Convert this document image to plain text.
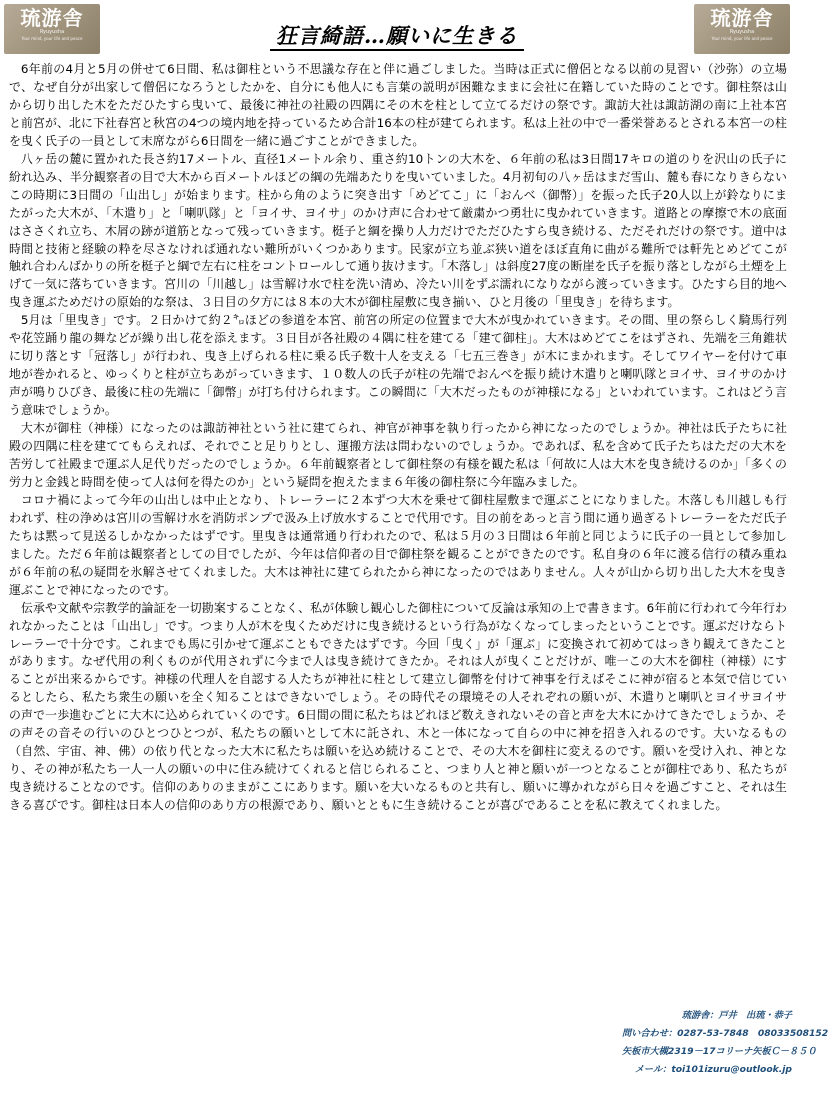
琉游舎
Ryuyusha
Your mind, your life and peace	狂言綺語…願いに生きる
琉游舎
Ryuyusha
Your mind, your life and peace

6年前の4月と5月の併せて6日間、私は御柱という不思議な存在と伴に過ごしました。当時は正式に僧侶となる以前の見習い（沙弥）の立場で、なぜ自分が出家して僧侶になろうとしたかを、自分にも他人にも言葉の説明が困難なままに会社に在籍していた時のことです。御柱祭は山から切り出した木をただひたすら曳いて、最後に神社の社殿の四隅にその木を柱として立てるだけの祭です。諏訪大社は諏訪湖の南に上社本宮と前宮が、北に下社春宮と秋宮の4つの境内地を持っているため合計16本の柱が建てられます。私は上社の中で一番栄誉あるとされる本宮一の柱を曳く氏子の一員として末席ながら6日間を一緒に過ごすことができました。

八ヶ岳の麓に置かれた長さ約17メートル、直径1メートル余り、重さ約10トンの大木を、６年前の私は3日間17キロの道のりを沢山の氏子に紛れ込み、半分観察者の目で大木から百メートルほどの綱の先端あたりを曳いていました。4月初旬の八ヶ岳はまだ雪山、麓も春になりきらないこの時期に3日間の「山出し」が始まります。柱から角のように突き出す「めどてこ」に「おんべ（御幣）」を振った氏子20人以上が鈴なりにまたがった大木が、「木遣り」と「喇叭隊」と「ヨイサ、ヨイサ」のかけ声に合わせて厳粛かつ勇壮に曳かれていきます。道路との摩擦で木の底面はささくれ立ち、木屑の跡が道筋となって残っていきます。梃子と綱を操り人力だけでただひたすら曳き続ける、ただそれだけの祭です。道中は時間と技術と経験の粋を尽さなければ通れない難所がいくつかあります。民家が立ち並ぶ狭い道をほぼ直角に曲がる難所では軒先とめどてこが触れ合わんばかりの所を梃子と綱で左右に柱をコントロールして通り抜けます。「木落し」は斜度27度の断崖を氏子を振り落としながら土煙を上げて一気に落ちていきます。宮川の「川越し」は雪解け水で柱を洗い清め、冷たい川をずぶ濡れになりながら渡っていきます。ひたすら目的地へ曳き運ぶためだけの原始的な祭は、３日目の夕方には８本の大木が御柱屋敷に曳き揃い、ひと月後の「里曳き」を待ちます。

5月は「里曳き」です。２日かけて約２㌔ほどの参道を本宮、前宮の所定の位置まで大木が曳かれていきます。その間、里の祭らしく騎馬行列や花笠踊り龍の舞などが繰り出し花を添えます。３日目が各社殿の４隅に柱を建てる「建て御柱」。大木はめどてこをはずされ、先端を三角錐状に切り落とす「冠落し」が行われ、曳き上げられる柱に乗る氏子数十人を支える「七五三巻き」が木にまかれます。そしてワイヤーを付けて車地が巻かれると、ゆっくりと柱が立ちあがっていきます、１０数人の氏子が柱の先端でおんべを振り続け木遣りと喇叭隊とヨイサ、ヨイサのかけ声が鳴りひびき、最後に柱の先端に「御幣」が打ち付けられます。この瞬間に「大木だったものが神様になる」といわれています。これはどう言う意味でしょうか。

大木が御柱（神様）になったのは諏訪神社という社に建てられ、神官が神事を執り行ったから神になったのでしょうか。神社は氏子たちに社殿の四隅に柱を建ててもらえれば、それでこと足りりとし、運搬方法は問わないのでしょうか。であれば、私を含めて氏子たちはただの大木を苦労して社殿まで運ぶ人足代りだったのでしょうか。６年前観察者として御柱祭の有様を観た私は「何故に人は大木を曳き続けるのか」「多くの労力と金銭と時間を使って人は何を得たのか」という疑問を抱えたまま６年後の御柱祭に今年臨みました。

コロナ禍によって今年の山出しは中止となり、トレーラーに２本ずつ大木を乗せて御柱屋敷まで運ぶことになりました。木落しも川越しも行われず、柱の浄めは宮川の雪解け水を消防ポンプで汲み上げ放水することで代用です。目の前をあっと言う間に通り過ぎるトレーラーをただ氏子たちは黙って見送るしかなかったはずです。里曳きは通常通り行われたので、私は５月の３日間は６年前と同じように氏子の一員として参加しました。ただ６年前は観察者としての目でしたが、今年は信仰者の目で御柱祭を観ることができたのです。私自身の６年に渡る信行の積み重ねが６年前の私の疑問を氷解させてくれました。大木は神社に建てられたから神になったのではありません。人々が山から切り出した大木を曳き運ぶことで神になったのです。

伝承や文献や宗教学的論証を一切勘案することなく、私が体験し観心した御柱について反論は承知の上で書きます。6年前に行われて今年行われなかったことは「山出し」です。つまり人が木を曳くためだけに曳き続けるという行為がなくなってしまったということです。運ぶだけならトレーラーで十分です。これまでも馬に引かせて運ぶこともできたはずです。今回「曳く」が「運ぶ」に変換されて初めてはっきり観えてきたことがあります。なぜ代用の利くものが代用されずに今まで人は曳き続けてきたか。それは人が曳くことだけが、唯一この大木を御柱（神様）にすることが出来るからです。神様の代理人を自認する人たちが神社に柱として建立し御幣を付けて神事を行えばそこに神が宿ると本気で信じているとしたら、私たち衆生の願いを全く知ることはできないでしょう。その時代その環境その人それぞれの願いが、木遣りと喇叭とヨイサヨイサの声で一歩進むごとに大木に込められていくのです。6日間の間に私たちはどれほど数えきれないその音と声を大木にかけてきたでしょうか、その声その音その行いのひとつひとつが、私たちの願いとして木に託され、木と一体になって自らの中に神を招き入れるのです。大いなるもの（自然、宇宙、神、佛）の依り代となった大木に私たちは願いを込め続けることで、その大木を御柱に変えるのです。願いを受け入れ、神となり、その神が私たち一人一人の願いの中に住み続けてくれると信じられること、つまり人と神と願いが一つとなることが御柱であり、私たちが曳き続けることなのです。信仰のありのままがここにあります。願いを大いなるものと共有し、願いに導かれながら日々を過ごすこと、それは生きる喜びです。御柱は日本人の信仰のあり方の根源であり、願いとともに生き続けることが喜びであることを私に教えてくれました。

琉游舎：戸井　出琉・恭子
問い合わせ：0287-53-7848　08033508152
矢板市大槻2319－17コリーナ矢板Ｃ－８５０
メール：toi101izuru@outlook.jp
